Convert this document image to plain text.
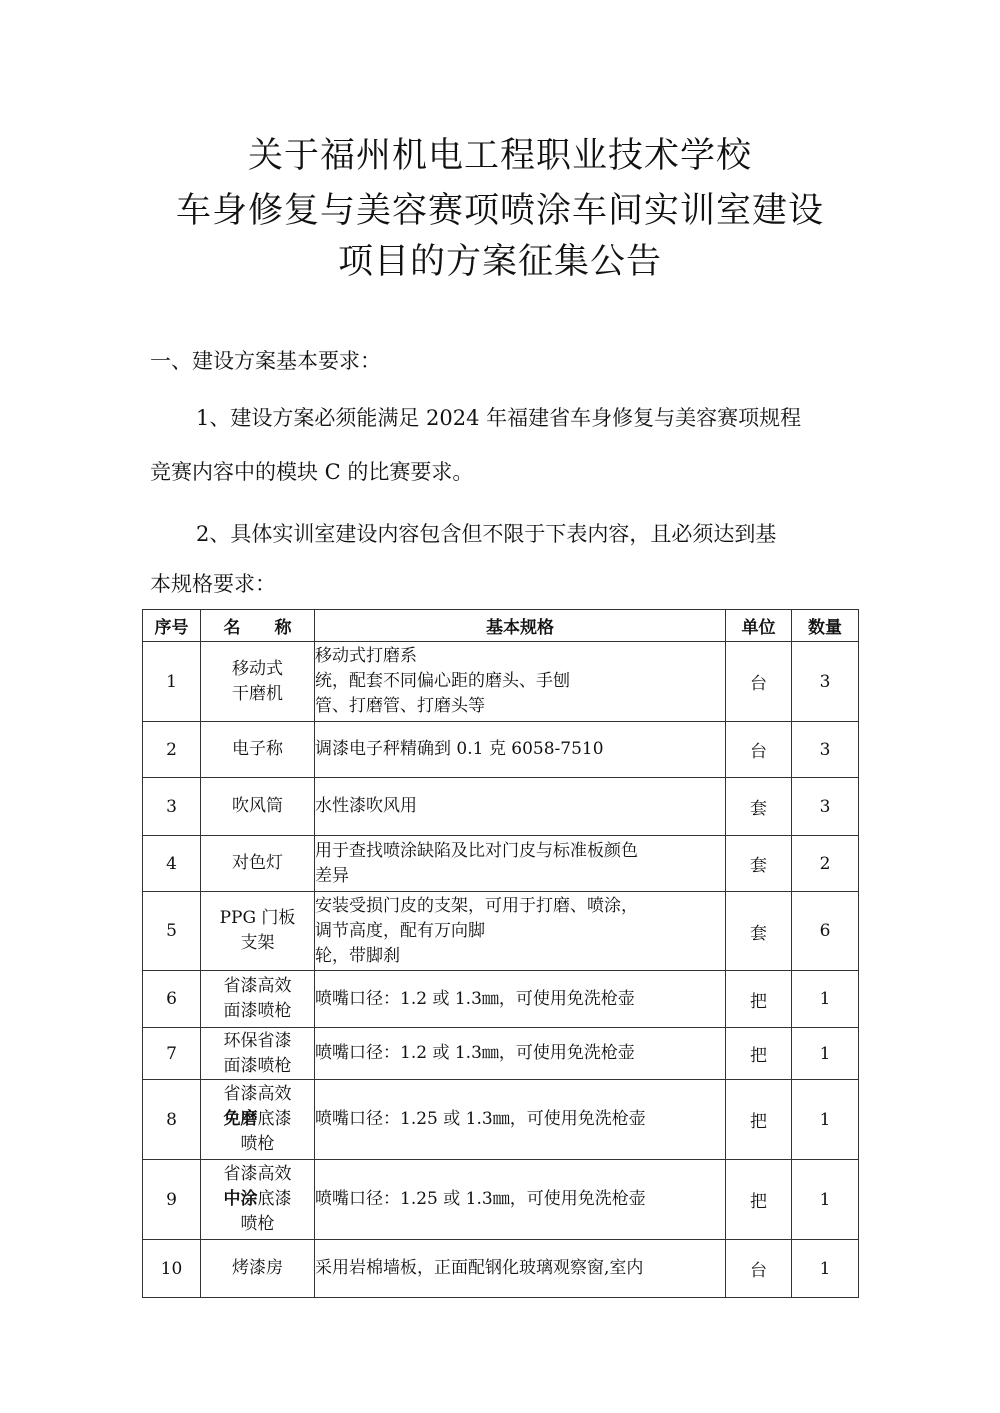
关于福州机电工程职业技术学校
车身修复与美容赛项喷涂车间实训室建设
项目的方案征集公告
一、建设方案基本要求：
1、建设方案必须能满足 2024 年福建省车身修复与美容赛项规程
竞赛内容中的模块 C 的比赛要求。
2、具体实训室建设内容包含但不限于下表内容，且必须达到基
本规格要求：
序号	名　　称	基本规格	单位	数量
1	移动式
干磨机	移动式打磨系
统，配套不同偏心距的磨头、手刨
管、打磨管、打磨头等	台	3
2	电子称	调漆电子秤精确到 0.1 克 6058-7510	台	3
3	吹风筒	水性漆吹风用	套	3
4	对色灯	用于查找喷涂缺陷及比对门皮与标准板颜色
差异	套	2
5	PPG 门板
支架	安装受损门皮的支架，可用于打磨、喷涂，
调节高度，配有万向脚
轮，带脚刹	套	6
6	省漆高效
面漆喷枪	喷嘴口径：1.2 或 1.3㎜，可使用免洗枪壶	把	1
7	环保省漆
面漆喷枪	喷嘴口径：1.2 或 1.3㎜，可使用免洗枪壶	把	1
8	省漆高效
免磨底漆
喷枪	喷嘴口径：1.25 或 1.3㎜，可使用免洗枪壶	把	1
9	省漆高效
中涂底漆
喷枪	喷嘴口径：1.25 或 1.3㎜，可使用免洗枪壶	把	1
10	烤漆房	采用岩棉墙板，正面配钢化玻璃观察窗,室内	台	1
